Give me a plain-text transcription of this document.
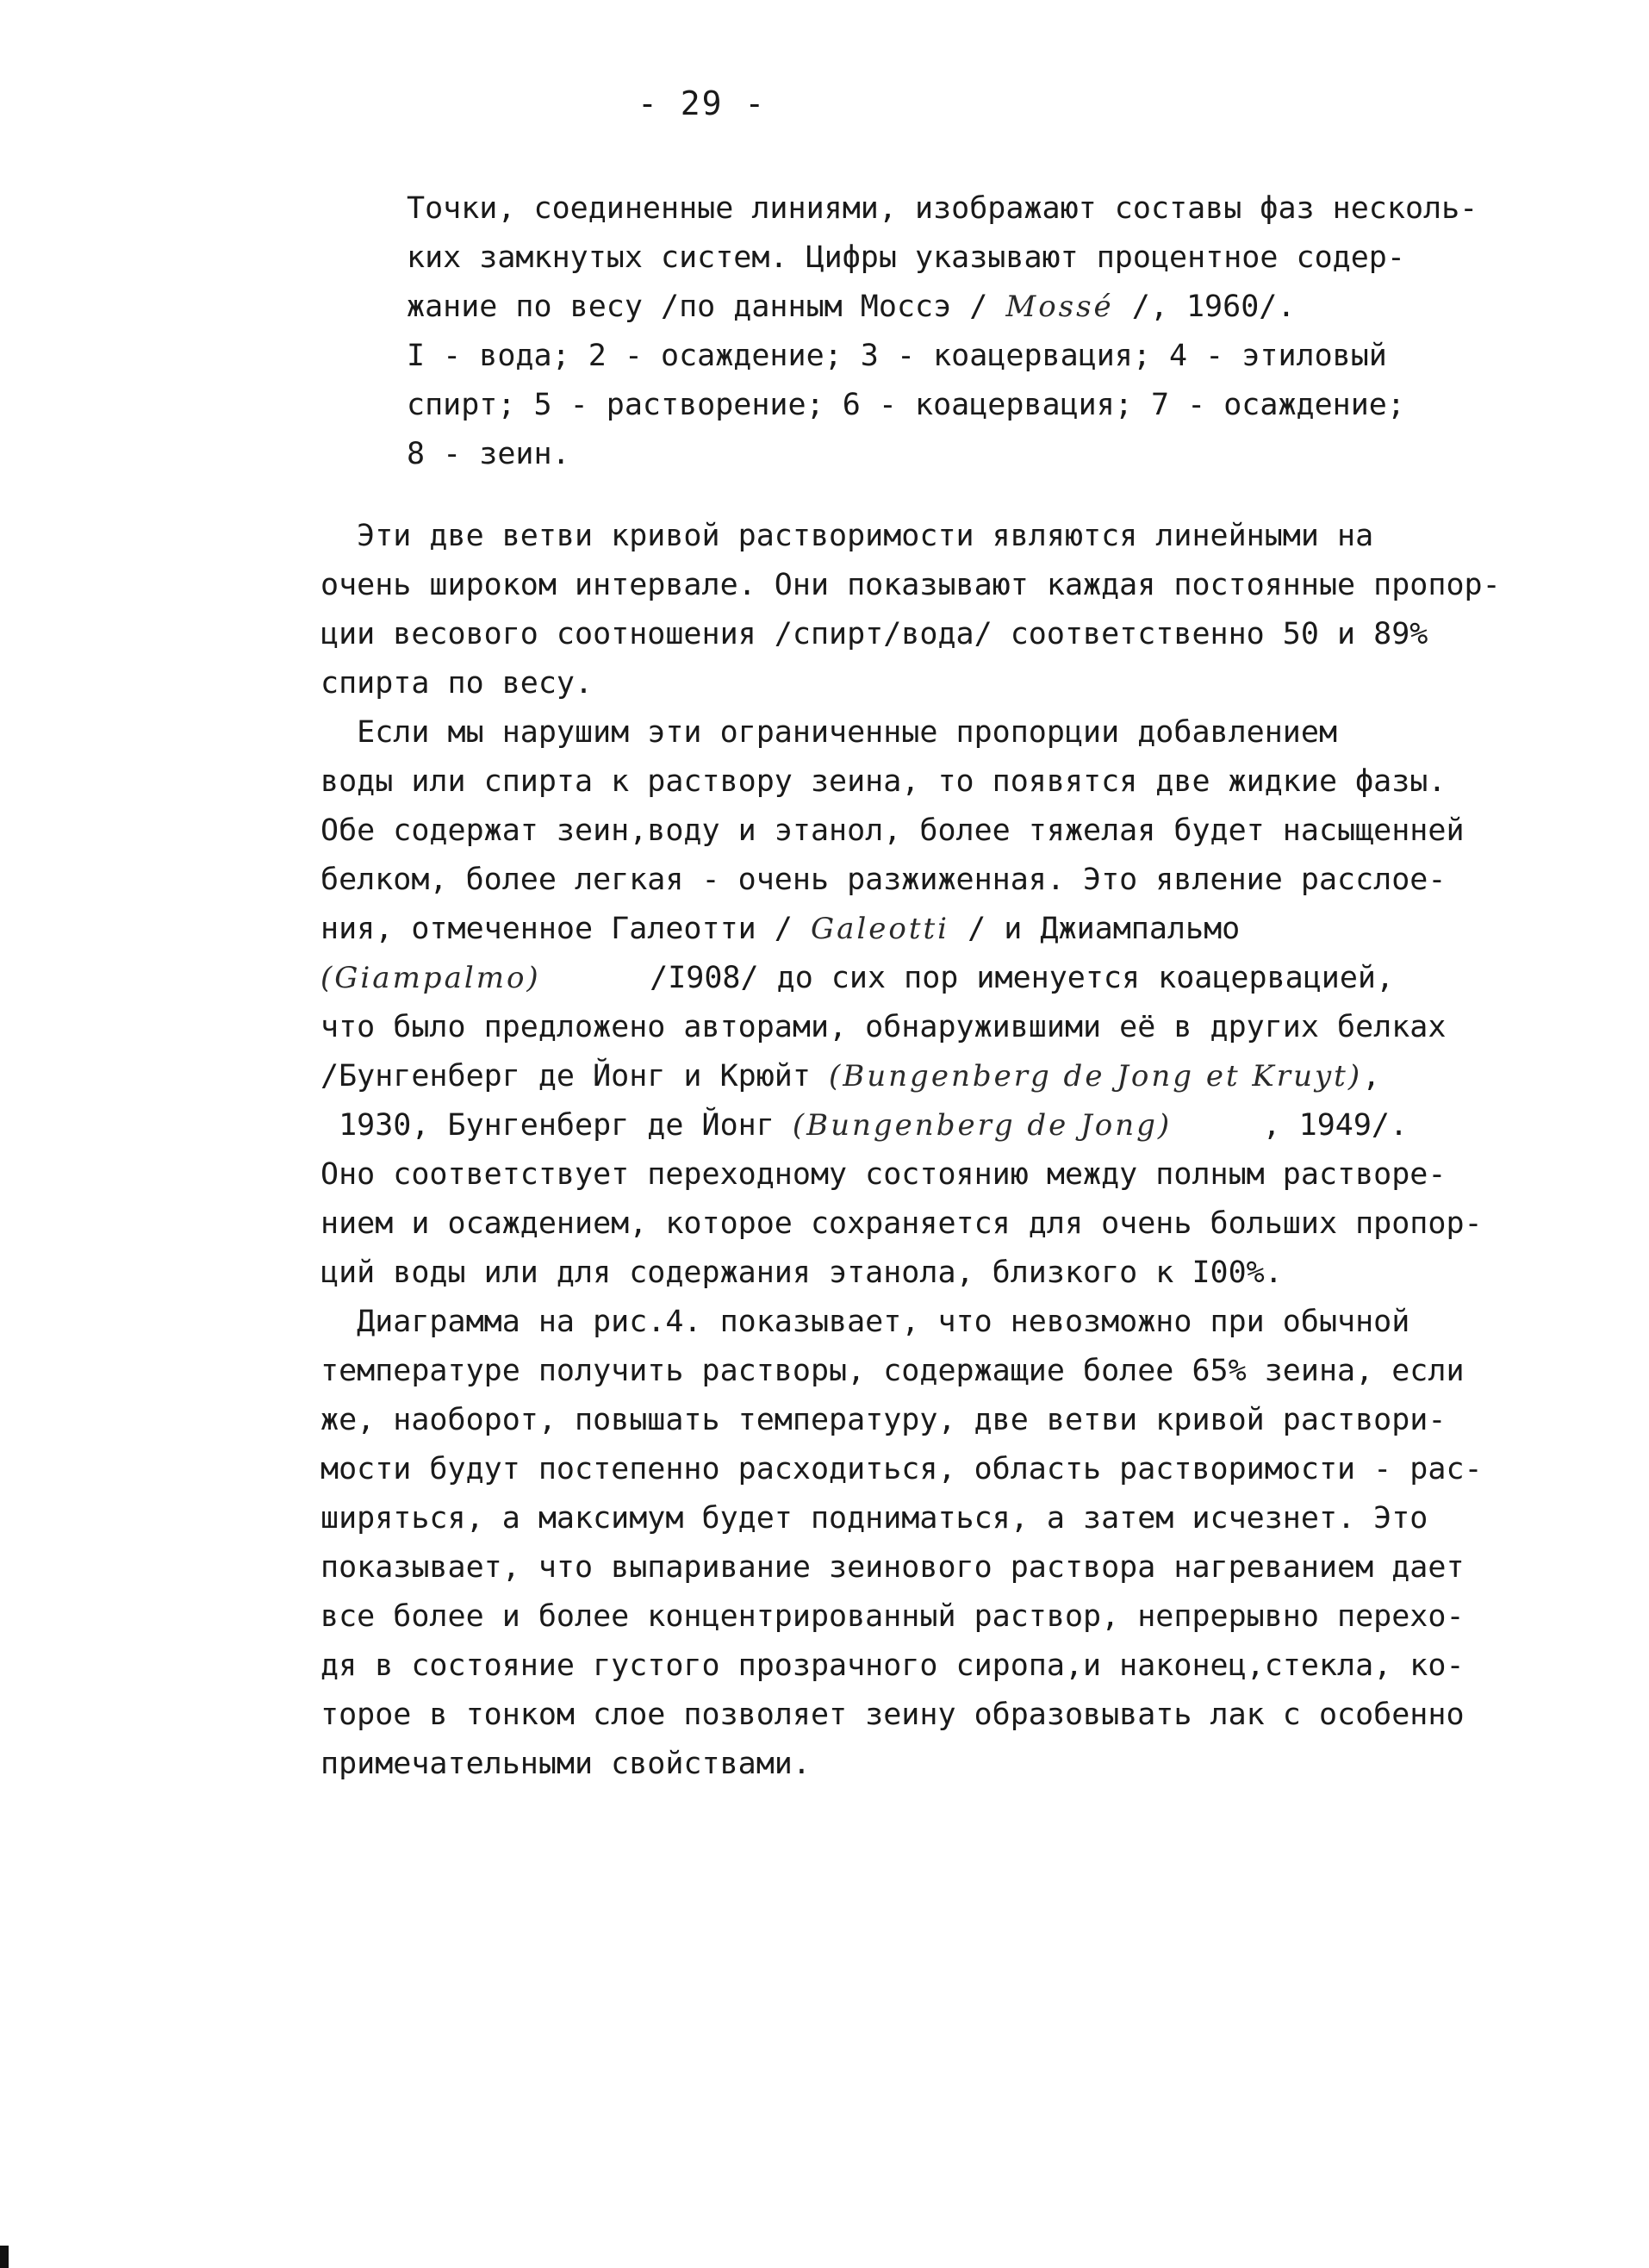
- 29 -
Точки, соединенные линиями, изображают составы фаз несколь-
ких замкнутых систем. Цифры указывают процентное содер-
жание по весу /по данным Моссэ / Mossé /, 1960/.
I - вода; 2 - осаждение; 3 - коацервация; 4 - этиловый
спирт; 5 - растворение; 6 - коацервация; 7 - осаждение;
8 - зеин.
Эти две ветви кривой растворимости являются линейными на
очень широком интервале. Они показывают каждая постоянные пропор-
ции весового соотношения /спирт/вода/ соответственно 50 и 89%
спирта по весу.
Если мы нарушим эти ограниченные пропорции добавлением
воды или спирта к раствору зеина, то появятся две жидкие фазы.
Обе содержат зеин,воду и этанол, более тяжелая будет насыщенней
белком, более легкая - очень разжиженная. Это явление расслое-
ния, отмеченное Галеотти / Galeotti / и Джиампальмо
(Giampalmo)      /I908/ до сих пор именуется коацервацией,
что было предложено авторами, обнаружившими её в других белках
/Бунгенберг де Йонг и Крюйт (Bungenberg de Jong et Kruyt),
1930, Бунгенберг де Йонг (Bungenberg de Jong)     , 1949/.
Оно соответствует переходному состоянию между полным растворе-
нием и осаждением, которое сохраняется для очень больших пропор-
ций воды или для содержания этанола, близкого к I00%.
Диаграмма на рис.4. показывает, что невозможно при обычной
температуре получить растворы, содержащие более 65% зеина, если
же, наоборот, повышать температуру, две ветви кривой раствори-
мости будут постепенно расходиться, область растворимости - рас-
ширяться, а максимум будет подниматься, а затем исчезнет. Это
показывает, что выпаривание зеинового раствора нагреванием дает
все более и более концентрированный раствор, непрерывно перехо-
дя в состояние густого прозрачного сиропа,и наконец,стекла, ко-
торое в тонком слое позволяет зеину образовывать лак с особенно
примечательными свойствами.
